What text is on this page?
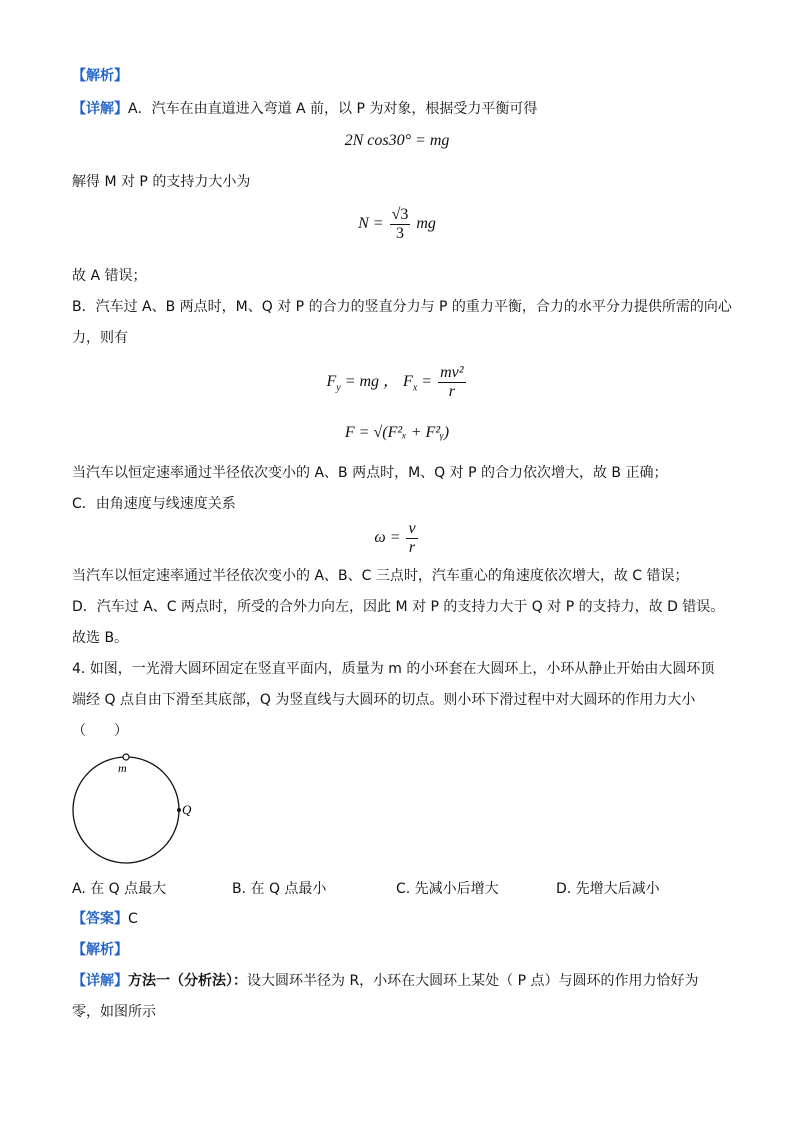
【解析】
【详解】A．汽车在由直道进入弯道 A 前，以 P 为对象，根据受力平衡可得
2N cos30° = mg
解得 M 对 P 的支持力大小为
$N = \frac{√3}{3}$ mg
故 A 错误；
B．汽车过 A、B 两点时，M、Q 对 P 的合力的竖直分力与 P 的重力平衡，合力的水平分力提供所需的向心
力，则有
$F_y$ = mg ， $F_x = \frac{\text{mv²}}{r}$
F = √(F²ₓ + F²ᵧ)
当汽车以恒定速率通过半径依次变小的 A、B 两点时，M、Q 对 P 的合力依次增大，故 B 正确；
C．由角速度与线速度关系
$\omega = \frac{v}{r}$
当汽车以恒定速率通过半径依次变小的 A、B、C 三点时，汽车重心的角速度依次增大，故 C 错误；
D．汽车过 A、C 两点时，所受的合外力向左，因此 M 对 P 的支持力大于 Q 对 P 的支持力，故 D 错误。
故选 B。
4. 如图，一光滑大圆环固定在竖直平面内，质量为 m 的小环套在大圆环上，小环从静止开始由大圆环顶
端经 Q 点自由下滑至其底部，Q 为竖直线与大圆环的切点。则小环下滑过程中对大圆环的作用力大小
（　　）
m
Q
A. 在 Q 点最大	B. 在 Q 点最小	C. 先减小后增大	D. 先增大后减小
【答案】C
【解析】
【详解】方法一（分析法）：设大圆环半径为 R，小环在大圆环上某处（ P 点）与圆环的作用力恰好为
零，如图所示
